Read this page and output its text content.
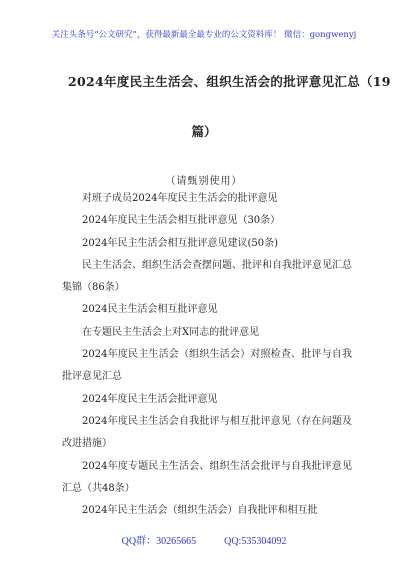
关注头条号“公文研究”，获得最新最全最专业的公文资料库！ 微信：gongwenyj
2024年度民主生活会、组织生活会的批评意见汇总（19
篇）
（请甄别使用）
对班子成员2024年度民主生活会的批评意见
2024年度民主生活会相互批评意见（30条）
2024年民主生活会相互批评意见建议(50条)
民主生活会、组织生活会查摆问题、批评和自我批评意见汇总集锦（86条）
2024民主生活会相互批评意见
在专题民主生活会上对X同志的批评意见
2024年度民主生活会（组织生活会）对照检查、批评与自我批评意见汇总
2024年度民主生活会批评意见
2024年度民主生活会自我批评与相互批评意见（存在问题及改进措施）
2024年度专题民主生活会、组织生活会批评与自我批评意见汇总（共48条）
2024年民主生活会（组织生活会）自我批评和相互批
QQ群：30265665	QQ:535304092
